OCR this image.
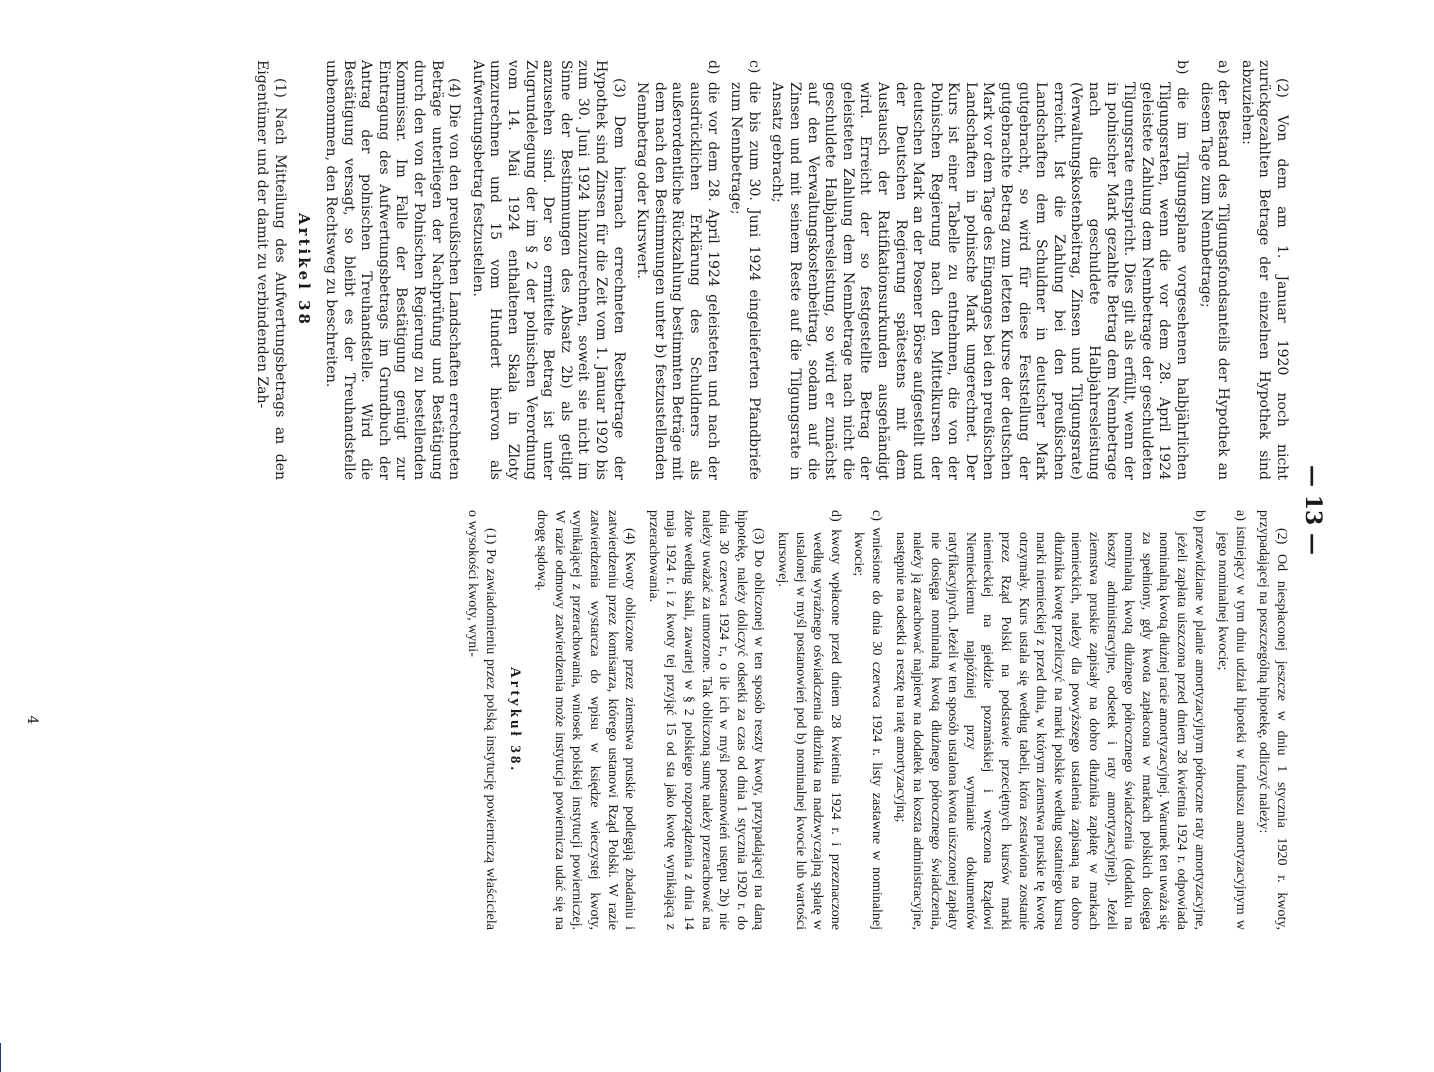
— 13 —

(2) Von dem am 1. Januar 1920 noch nicht zurückgezahlten Betrage der einzelnen Hypothek sind abzuziehen:

a) der Bestand des Tilgungsfondsanteils der Hypothek an diesem Tage zum Nennbetrage;

b) die im Tilgungsplane vorgesehenen halbjährlichen Tilgungsraten, wenn die vor dem 28. April 1924 geleistete Zahlung dem Nennbetrage der geschuldeten Tilgungsrate entspricht. Dies gilt als erfüllt, wenn der in polnischer Mark gezahlte Betrag dem Nennbetrage nach die geschuldete Halbjahresleistung (Verwaltungskostenbeitrag, Zinsen und Tilgungsrate) erreicht. Ist die Zahlung bei den preußischen Landschaften dem Schuldner in deutscher Mark gutgebracht, so wird für diese Feststellung der gutgebrachte Betrag zum letzten Kurse der deutschen Mark vor dem Tage des Einganges bei den preußischen Landschaften in polnische Mark umgerechnet. Der Kurs ist einer Tabelle zu entnehmen, die von der Polnischen Regierung nach den Mittelkursen der deutschen Mark an der Posener Börse aufgestellt und der Deutschen Regierung spätestens mit dem Austausch der Ratifikationsurkunden ausgehändigt wird. Erreicht der so festgestellte Betrag der geleisteten Zahlung dem Nennbetrage nach nicht die geschuldete Halbjahresleistung, so wird er zunächst auf den Verwaltungskostenbeitrag, sodann auf die Zinsen und mit seinem Reste auf die Tilgungsrate in Ansatz gebracht;

c) die bis zum 30. Juni 1924 eingelieferten Pfandbriefe zum Nennbetrage;

d) die vor dem 28. April 1924 geleisteten und nach der ausdrücklichen Erklärung des Schuldners als außerordentliche Rückzahlung bestimmten Beträge mit dem nach den Bestimmungen unter b) festzustellenden Nennbetrag oder Kurswert.

(3) Dem hiernach errechneten Restbetrage der Hypothek sind Zinsen für die Zeit vom 1. Januar 1920 bis zum 30. Juni 1924 hinzuzurechnen, soweit sie nicht im Sinne der Bestimmungen des Absatz 2b) als getilgt anzusehen sind. Der so ermittelte Betrag ist unter Zugrundelegung der im § 2 der polnischen Verordnung vom 14. Mai 1924 enthaltenen Skala in Zloty umzurechnen und 15 vom Hundert hiervon als Aufwertungsbetrag festzustellen.

(4) Die von den preußischen Landschaften errechneten Beträge unterliegen der Nachprüfung und Bestätigung durch den von der Polnischen Regierung zu bestellenden Kommissar. Im Falle der Bestätigung genügt zur Eintragung des Aufwertungsbetrags im Grundbuch der Antrag der polnischen Treuhandstelle. Wird die Bestätigung versagt, so bleibt es der Treuhandstelle unbenommen, den Rechtsweg zu beschreiten.

Artikel 38

(1) Nach Mitteilung des Aufwertungsbetrags an den Eigentümer und der damit zu verbindenden Zah-

(2) Od niespłaconej jeszcze w dniu 1 stycznia 1920 r. kwoty, przypadającej na poszczególną hipotekę, odliczyć należy:

a) istniejący w tym dniu udział hipoteki w funduszu amortyzacyjnym w jego nominalnej kwocie;

b) przewidziane w planie amortyzacyjnym półroczne raty amortyzacyjne, jeżeli zapłata uiszczona przed dniem 28 kwietnia 1924 r. odpowiada nominalną kwotą dłużnej racie amortyzacyjnej. Warunek ten uważa się za spełniony, gdy kwota zapłacona w markach polskich dosięga nominalną kwotą dłużnego półrocznego świadczenia (dodatku na koszty administracyjne, odsetek i raty amortyzacyjnej). Jeżeli ziemstwa pruskie zapisały na dobro dłużnika zapłatę w markach niemieckich, należy dla powyższego ustalenia zapisaną na dobro dłużnika kwotę przeliczyć na marki polskie według ostatniego kursu marki niemieckiej z przed dnia, w którym ziemstwa pruskie tę kwotę otrzymały. Kurs ustala się według tabeli, która zestawiona zostanie przez Rząd Polski na podstawie przeciętnych kursów marki niemieckiej na giełdzie poznańskiej i wręczona Rządowi Niemieckiemu najpóźniej przy wymianie dokumentów ratyfikacyjnych. Jeżeli w ten sposób ustalona kwota uiszczonej zapłaty nie dosięga nominalną kwotą dłużnego półrocznego świadczenia, należy ją zarachować najpierw na dodatek na koszta administracyjne, następnie na odsetki a resztę na ratę amortyzacyjną;

c) wniesione do dnia 30 czerwca 1924 r. listy zastawne w nominalnej kwocie;

d) kwoty wpłacone przed dniem 28 kwietnia 1924 r. i przeznaczone według wyraźnego oświadczenia dłużnika na nadzwyczajną spłatę w ustalonej w myśl postanowień pod b) nominalnej kwocie lub wartości kursowej.

(3) Do obliczonej w ten sposób reszty kwoty, przypadającej na daną hipotekę, należy doliczyć odsetki za czas od dnia 1 stycznia 1920 r. do dnia 30 czerwca 1924 r., o ile ich w myśl postanowień ustępu 2b) nie należy uważać za umorzone. Tak obliczoną sumę należy przerachować na złote według skali, zawartej w § 2 polskiego rozporządzenia z dnia 14 maja 1924 r. i z kwoty tej przyjąć 15 od sta jako kwotę wynikającą z przerachowania.

(4) Kwoty obliczone przez ziemstwa pruskie podlegają zbadaniu i zatwierdzeniu przez komisarza, którego ustanowi Rząd Polski. W razie zatwierdzenia wystarcza do wpisu w księdze wieczystej kwoty, wynikającej z przerachowania, wniosek polskiej instytucji powierniczej. W razie odmowy zatwierdzenia może instytucja powiernicza udać się na drogę sądową.

Artykuł 38.

(1) Po zawiadomieniu przez polską instytucję powierniczą właściciela o wysokości kwoty, wyni-

4
